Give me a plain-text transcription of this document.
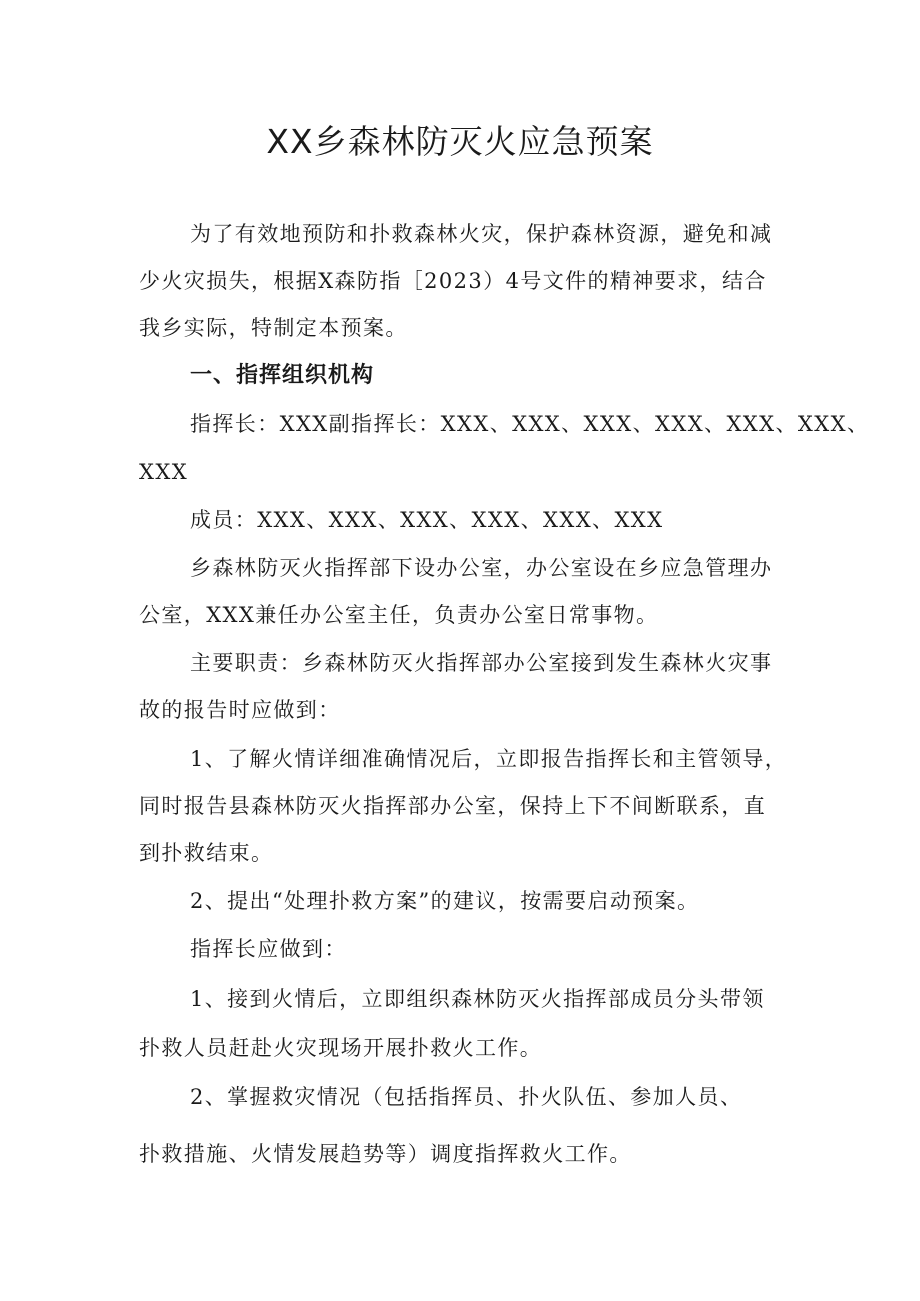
XX乡森林防灭火应急预案
为了有效地预防和扑救森林火灾，保护森林资源，避免和减
少火灾损失，根据X森防指［2023）4号文件的精神要求，结合
我乡实际，特制定本预案。
一、指挥组织机构
指挥长：XXX副指挥长：XXX、XXX、XXX、XXX、XXX、XXX、
XXX
成员：XXX、XXX、XXX、XXX、XXX、XXX
乡森林防灭火指挥部下设办公室，办公室设在乡应急管理办
公室，XXX兼任办公室主任，负责办公室日常事物。
主要职责：乡森林防灭火指挥部办公室接到发生森林火灾事
故的报告时应做到：
1、了解火情详细准确情况后，立即报告指挥长和主管领导，
同时报告县森林防灭火指挥部办公室，保持上下不间断联系，直
到扑救结束。
2、提出“处理扑救方案”的建议，按需要启动预案。
指挥长应做到：
1、接到火情后，立即组织森林防灭火指挥部成员分头带领
扑救人员赶赴火灾现场开展扑救火工作。
2、掌握救灾情况（包括指挥员、扑火队伍、参加人员、
扑救措施、火情发展趋势等）调度指挥救火工作。
